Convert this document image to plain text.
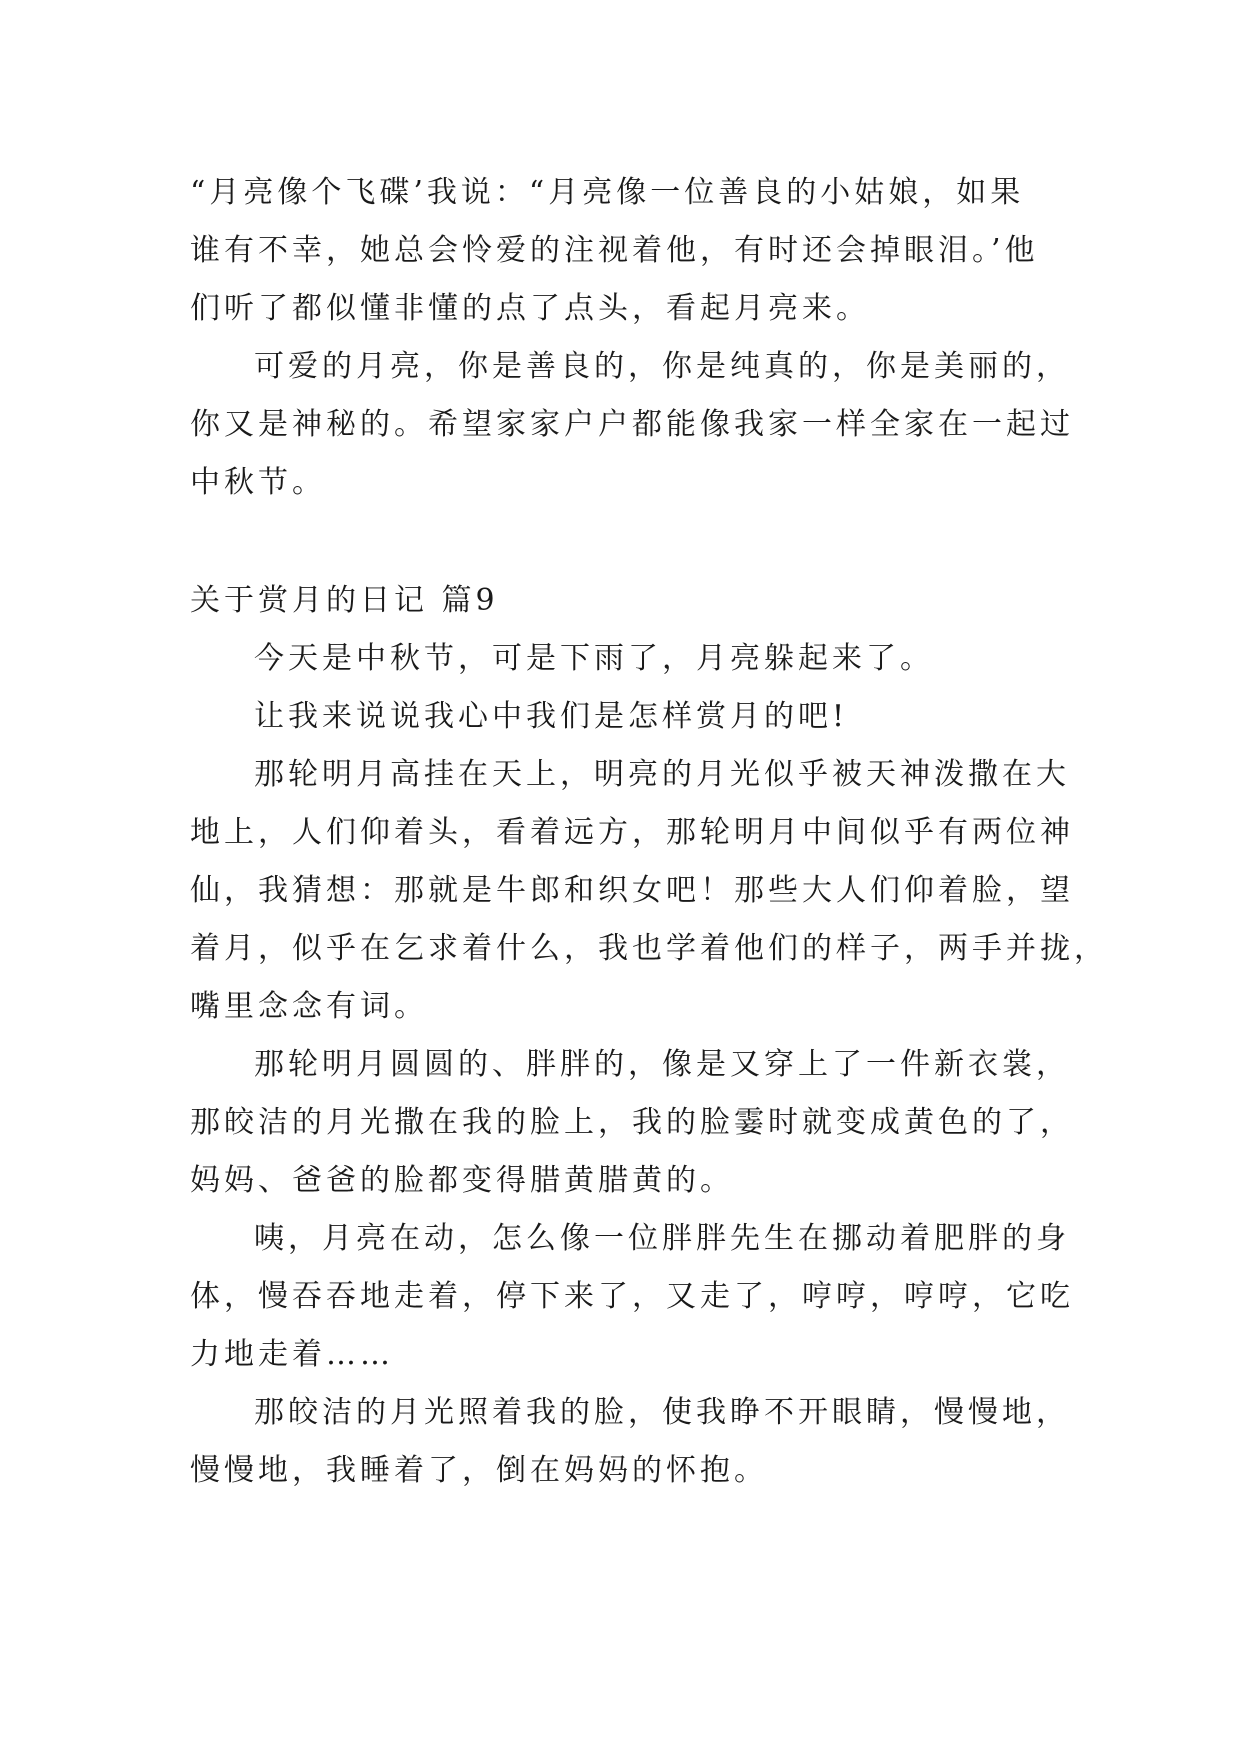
“月亮像个飞碟’我说：“月亮像一位善良的小姑娘，如果
谁有不幸，她总会怜爱的注视着他，有时还会掉眼泪。’他
们听了都似懂非懂的点了点头，看起月亮来。
可爱的月亮，你是善良的，你是纯真的，你是美丽的，
你又是神秘的。希望家家户户都能像我家一样全家在一起过
中秋节。
关于赏月的日记 篇9
今天是中秋节，可是下雨了，月亮躲起来了。
让我来说说我心中我们是怎样赏月的吧!
那轮明月高挂在天上，明亮的月光似乎被天神泼撒在大
地上，人们仰着头，看着远方，那轮明月中间似乎有两位神
仙，我猜想：那就是牛郎和织女吧！那些大人们仰着脸，望
着月，似乎在乞求着什么，我也学着他们的样子，两手并拢，
嘴里念念有词。
那轮明月圆圆的、胖胖的，像是又穿上了一件新衣裳，
那皎洁的月光撒在我的脸上，我的脸霎时就变成黄色的了，
妈妈、爸爸的脸都变得腊黄腊黄的。
咦，月亮在动，怎么像一位胖胖先生在挪动着肥胖的身
体，慢吞吞地走着，停下来了，又走了，哼哼，哼哼，它吃
力地走着……
那皎洁的月光照着我的脸，使我睁不开眼睛，慢慢地，
慢慢地，我睡着了，倒在妈妈的怀抱。
